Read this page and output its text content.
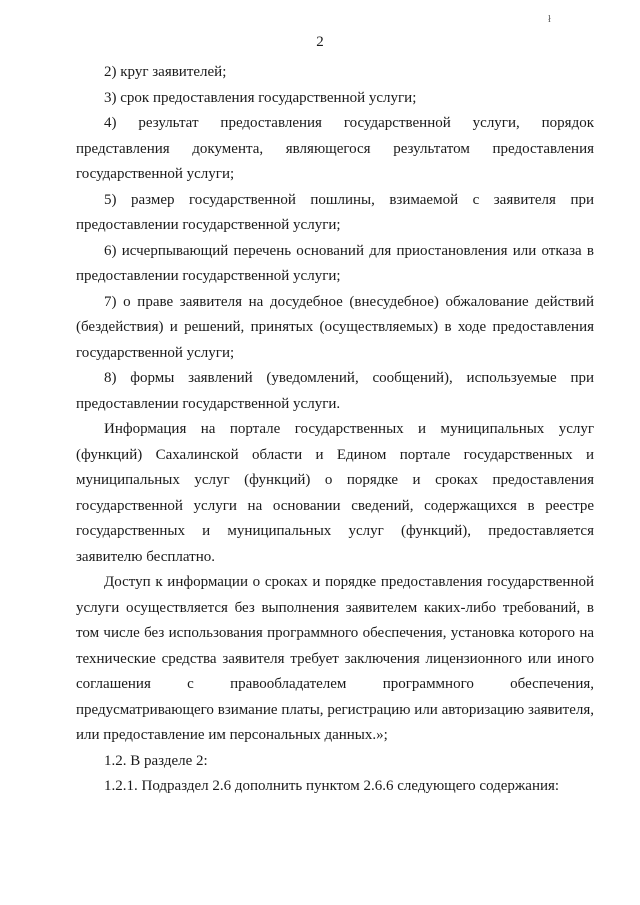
2
ł

2) круг заявителей;

3) срок предоставления государственной услуги;

4) результат предоставления государственной услуги, порядок представления документа, являющегося результатом предоставления государственной услуги;

5) размер государственной пошлины, взимаемой с заявителя при предоставлении государственной услуги;

6) исчерпывающий перечень оснований для приостановления или отказа в предоставлении государственной услуги;

7) о праве заявителя на досудебное (внесудебное) обжалование действий (бездействия) и решений, принятых (осуществляемых) в ходе предоставления государственной услуги;

8) формы заявлений (уведомлений, сообщений), используемые при предоставлении государственной услуги.

Информация на портале государственных и муниципальных услуг (функций) Сахалинской области и Едином портале государственных и муниципальных услуг (функций) о порядке и сроках предоставления государственной услуги на основании сведений, содержащихся в реестре государственных и муниципальных услуг (функций), предоставляется заявителю бесплатно.

Доступ к информации о сроках и порядке предоставления государственной услуги осуществляется без выполнения заявителем каких-либо требований, в том числе без использования программного обеспечения, установка которого на технические средства заявителя требует заключения лицензионного или иного соглашения с правообладателем программного обеспечения, предусматривающего взимание платы, регистрацию или авторизацию заявителя, или предоставление им персональных данных.»;

1.2. В разделе 2:

1.2.1. Подраздел 2.6 дополнить пунктом 2.6.6 следующего содержания:
